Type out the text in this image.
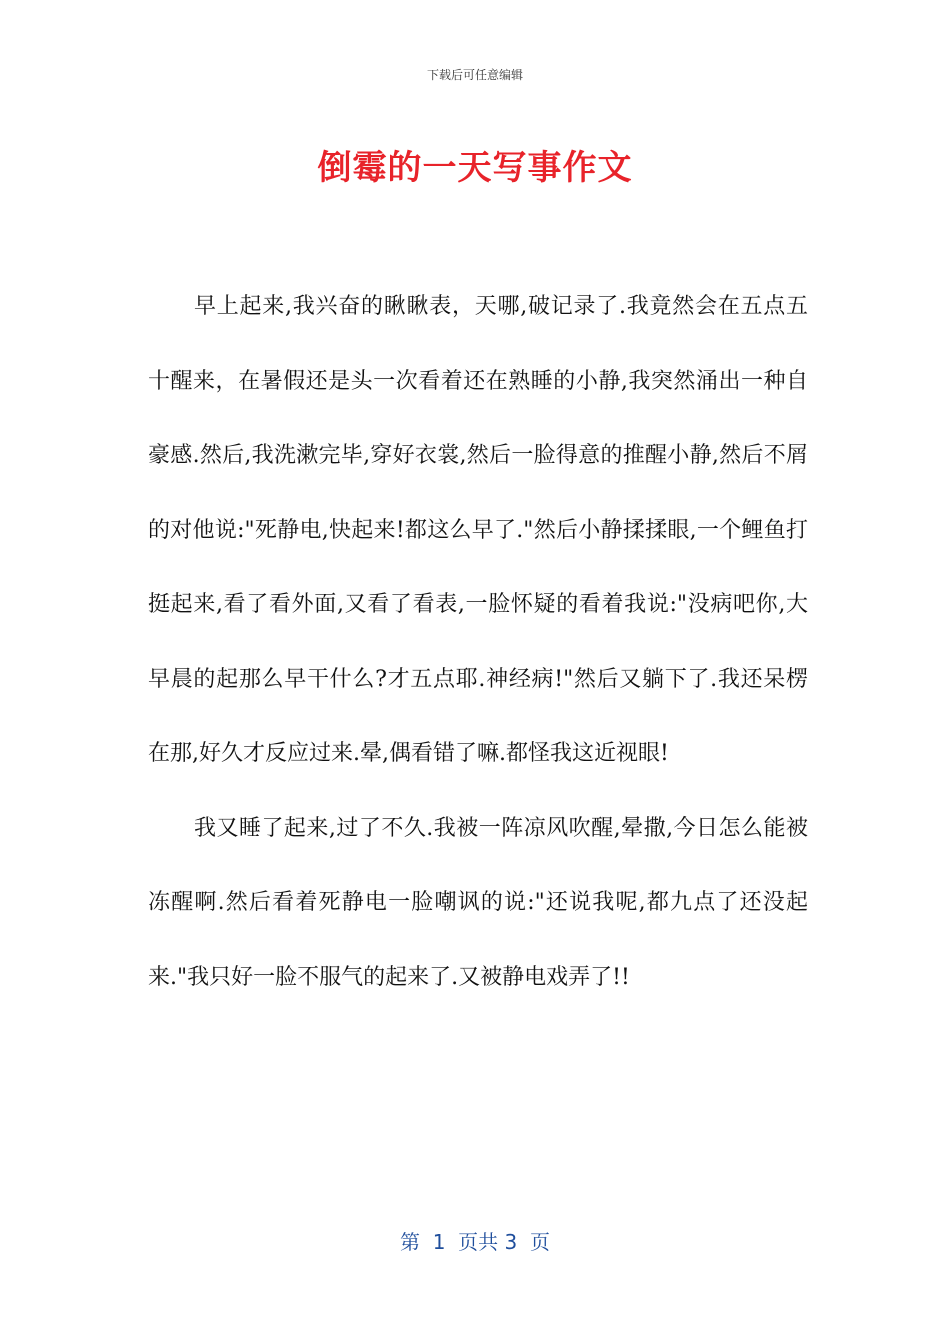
下载后可任意编辑
倒霉的一天写事作文

早上起来,我兴奋的瞅瞅表，天哪,破记录了.我竟然会在五点五十醒来，在暑假还是头一次看着还在熟睡的小静,我突然涌出一种自豪感.然后,我洗漱完毕,穿好衣裳,然后一脸得意的推醒小静,然后不屑的对他说:"死静电,快起来!都这么早了."然后小静揉揉眼,一个鲤鱼打挺起来,看了看外面,又看了看表,一脸怀疑的看着我说:"没病吧你,大早晨的起那么早干什么?才五点耶.神经病!"然后又躺下了.我还呆楞在那,好久才反应过来.晕,偶看错了嘛.都怪我这近视眼!

我又睡了起来,过了不久.我被一阵凉风吹醒,晕撒,今日怎么能被冻醒啊.然后看着死静电一脸嘲讽的说:"还说我呢,都九点了还没起来."我只好一脸不服气的起来了.又被静电戏弄了!!

第  1  页共 3  页
